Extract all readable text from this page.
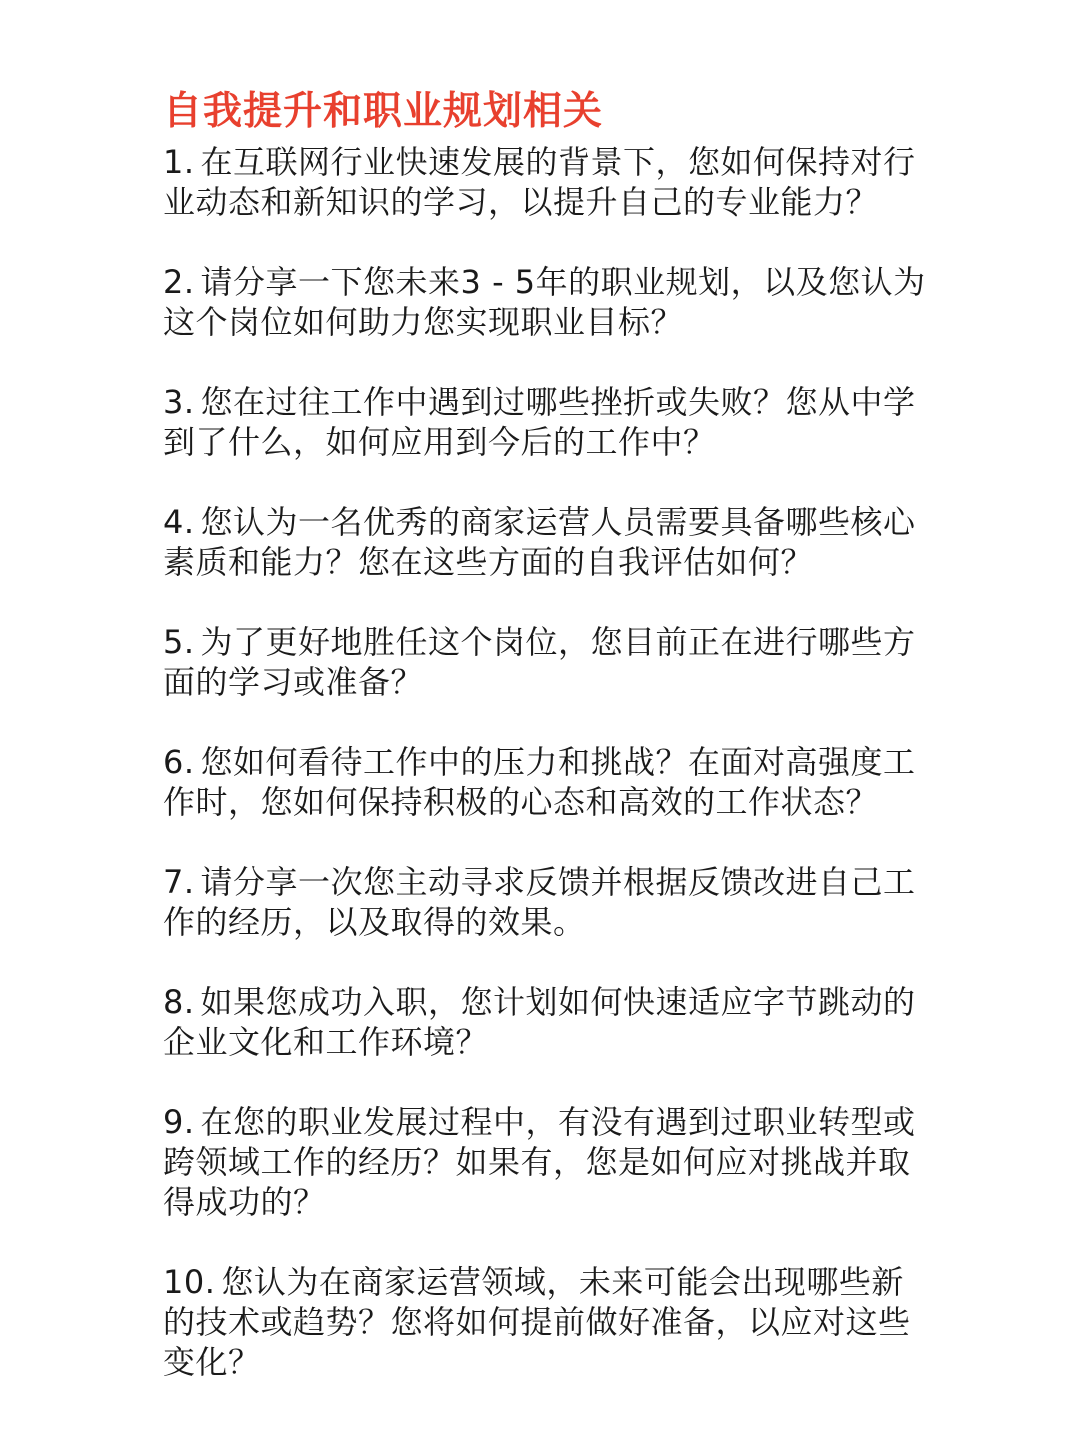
自我提升和职业规划相关
1. 在互联网行业快速发展的背景下，您如何保持对行
业动态和新知识的学习，以提升自己的专业能力？
2. 请分享一下您未来3 - 5年的职业规划，以及您认为
这个岗位如何助力您实现职业目标？
3. 您在过往工作中遇到过哪些挫折或失败？您从中学
到了什么，如何应用到今后的工作中？
4. 您认为一名优秀的商家运营人员需要具备哪些核心
素质和能力？您在这些方面的自我评估如何？
5. 为了更好地胜任这个岗位，您目前正在进行哪些方
面的学习或准备？
6. 您如何看待工作中的压力和挑战？在面对高强度工
作时，您如何保持积极的心态和高效的工作状态？
7. 请分享一次您主动寻求反馈并根据反馈改进自己工
作的经历，以及取得的效果。
8. 如果您成功入职，您计划如何快速适应字节跳动的
企业文化和工作环境？
9. 在您的职业发展过程中，有没有遇到过职业转型或
跨领域工作的经历？如果有，您是如何应对挑战并取
得成功的？
10. 您认为在商家运营领域，未来可能会出现哪些新
的技术或趋势？您将如何提前做好准备，以应对这些
变化？
